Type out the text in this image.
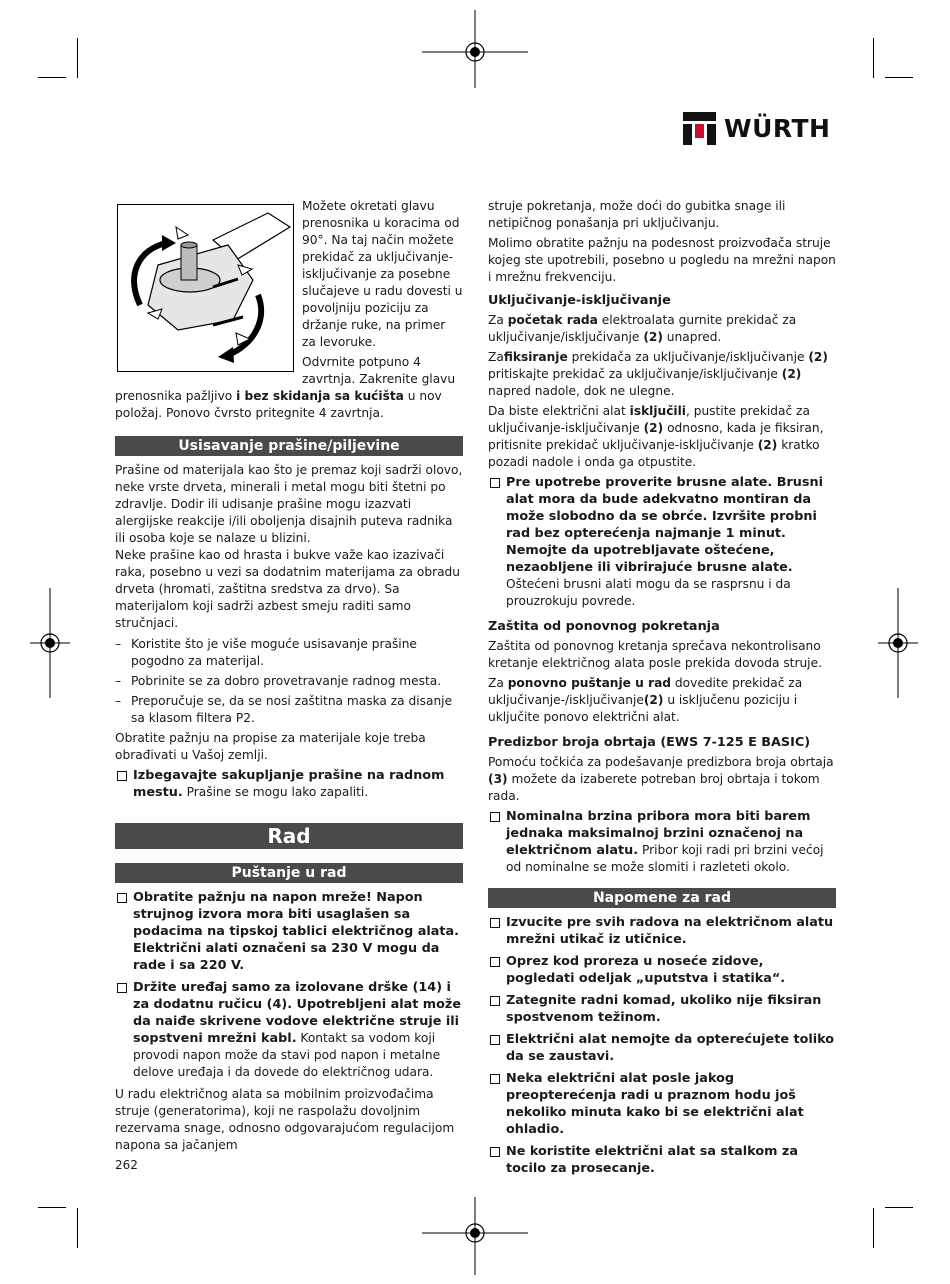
WÜRTH

Možete okretati glavu prenosnika u koracima od 90°. Na taj način možete prekidač za uključivanje-isključivanje za posebne slučajeve u radu dovesti u povoljniju poziciju za držanje ruke, na primer za levoruke.

Odvrnite potpuno 4 zavrtnja. Zakrenite glavu prenosnika pažljivo i bez skidanja sa kućišta u nov položaj. Ponovo čvrsto pritegnite 4 zavrtnja.

Usisavanje prašine/piljevine

Prašine od materijala kao što je premaz koji sadrži olovo, neke vrste drveta, minerali i metal mogu biti štetni po zdravlje. Dodir ili udisanje prašine mogu izazvati alergijske reakcije i/ili oboljenja disajnih puteva radnika ili osoba koje se nalaze u blizini.

Neke prašine kao od hrasta i bukve važe kao izazivači raka, posebno u vezi sa dodatnim materijama za obradu drveta (hromati, zaštitna sredstva za drvo). Sa materijalom koji sadrži azbest smeju raditi samo stručnjaci.

– Koristite što je više moguće usisavanje prašine pogodno za materijal.
– Pobrinite se za dobro provetravanje radnog mesta.
– Preporučuje se, da se nosi zaštitna maska za disanje sa klasom filtera P2.

Obratite pažnju na propise za materijale koje treba obrađivati u Vašoj zemlji.

Izbegavajte sakupljanje prašine na radnom mestu. Prašine se mogu lako zapaliti.
Rad
Puštanje u rad
Obratite pažnju na napon mreže! Napon strujnog izvora mora biti usaglašen sa podacima na tipskoj tablici električnog alata. Električni alati označeni sa 230 V mogu da rade i sa 220 V.
Držite uređaj samo za izolovane drške (14) i za dodatnu ručicu (4). Upotrebljeni alat može da naiđe skrivene vodove električne struje ili sopstveni mrežni kabl. Kontakt sa vodom koji provodi napon može da stavi pod napon i metalne delove uređaja i da dovede do električnog udara.

U radu električnog alata sa mobilnim proizvođačima struje (generatorima), koji ne raspolažu dovoljnim rezervama snage, odnosno odgovarajućom regulacijom napona sa jačanjem

struje pokretanja, može doći do gubitka snage ili netipičnog ponašanja pri uključivanju.

Molimo obratite pažnju na podesnost proizvođača struje kojeg ste upotrebili, posebno u pogledu na mrežni napon i mrežnu frekvenciju.

Uključivanje-isključivanje

Za početak rada elektroalata gurnite prekidač za uključivanje/isključivanje (2) unapred.

Zafiksiranje prekidača za uključivanje/isključivanje (2) pritiskajte prekidač za uključivanje/isključivanje (2) napred nadole, dok ne ulegne.

Da biste električni alat isključili, pustite prekidač za uključivanje-isključivanje (2) odnosno, kada je fiksiran, pritisnite prekidač uključivanje-isključivanje (2) kratko pozadi nadole i onda ga otpustite.

Pre upotrebe proverite brusne alate. Brusni alat mora da bude adekvatno montiran da može slobodno da se obrće. Izvršite probni rad bez opterećenja najmanje 1 minut. Nemojte da upotrebljavate oštećene, nezaobljene ili vibrirajuće brusne alate. Oštećeni brusni alati mogu da se rasprsnu i da prouzrokuju povrede.
Zaštita od ponovnog pokretanja

Zaštita od ponovnog kretanja sprečava nekontrolisano kretanje električnog alata posle prekida dovoda struje.

Za ponovno puštanje u rad dovedite prekidač za uključivanje-/isključivanje(2) u isključenu poziciju i uključite ponovo električni alat.

Predizbor broja obrtaja (EWS 7-125 E BASIC)

Pomoću točkića za podešavanje predizbora broja obrtaja (3) možete da izaberete potreban broj obrtaja i tokom rada.

Nominalna brzina pribora mora biti barem jednaka maksimalnoj brzini označenoj na električnom alatu. Pribor koji radi pri brzini većoj od nominalne se može slomiti i razleteti okolo.
Napomene za rad
Izvucite pre svih radova na električnom alatu mrežni utikač iz utičnice.
Oprez kod proreza u noseće zidove, pogledati odeljak „uputstva i statika“.
Zategnite radni komad, ukoliko nije fiksiran spostvenom težinom.
Električni alat nemojte da opterećujete toliko da se zaustavi.
Neka električni alat posle jakog preopterećenja radi u praznom hodu još nekoliko minuta kako bi se električni alat ohladio.
Ne koristite električni alat sa stalkom za tocilo za prosecanje.
262
